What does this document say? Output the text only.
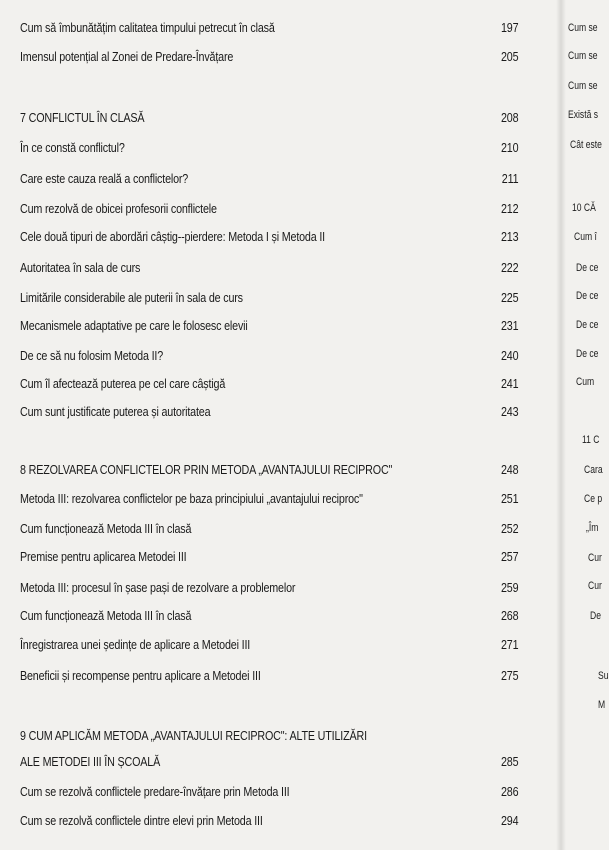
Cum să îmbunătățim calitatea timpului petrecut în clasă	197
Imensul potențial al Zonei de Predare-Învățare	205
7 CONFLICTUL ÎN CLASĂ	208
În ce constă conflictul?	210
Care este cauza reală a conflictelor?	211
Cum rezolvă de obicei profesorii conflictele	212
Cele două tipuri de abordări câștig--pierdere: Metoda I și Metoda II	213
Autoritatea în sala de curs	222
Limitările considerabile ale puterii în sala de curs	225
Mecanismele adaptative pe care le folosesc elevii	231
De ce să nu folosim Metoda II?	240
Cum îl afectează puterea pe cel care câștigă	241
Cum sunt justificate puterea și autoritatea	243
8 REZOLVAREA CONFLICTELOR PRIN METODA „AVANTAJULUI RECIPROC"	248
Metoda III: rezolvarea conflictelor pe baza principiului „avantajului reciproc"	251
Cum funcționează Metoda III în clasă	252
Premise pentru aplicarea Metodei III	257
Metoda III: procesul în șase pași de rezolvare a problemelor	259
Cum funcționează Metoda III în clasă	268
Înregistrarea unei ședințe de aplicare a Metodei III	271
Beneficii și recompense pentru aplicare a Metodei III	275
9 CUM APLICĂM METODA „AVANTAJULUI RECIPROC": ALTE UTILIZĂRI
ALE METODEI III ÎN ȘCOALĂ	285
Cum se rezolvă conflictele predare-învățare prin Metoda III	286
Cum se rezolvă conflictele dintre elevi prin Metoda III	294
Cum se
Cum se
Cum se
Există s
Cât este
10 CĂ
Cum î
De ce
De ce
De ce
De ce
Cum
11 C
Cara
Ce p
„Îm
Cur
Cur
De
Su
M
